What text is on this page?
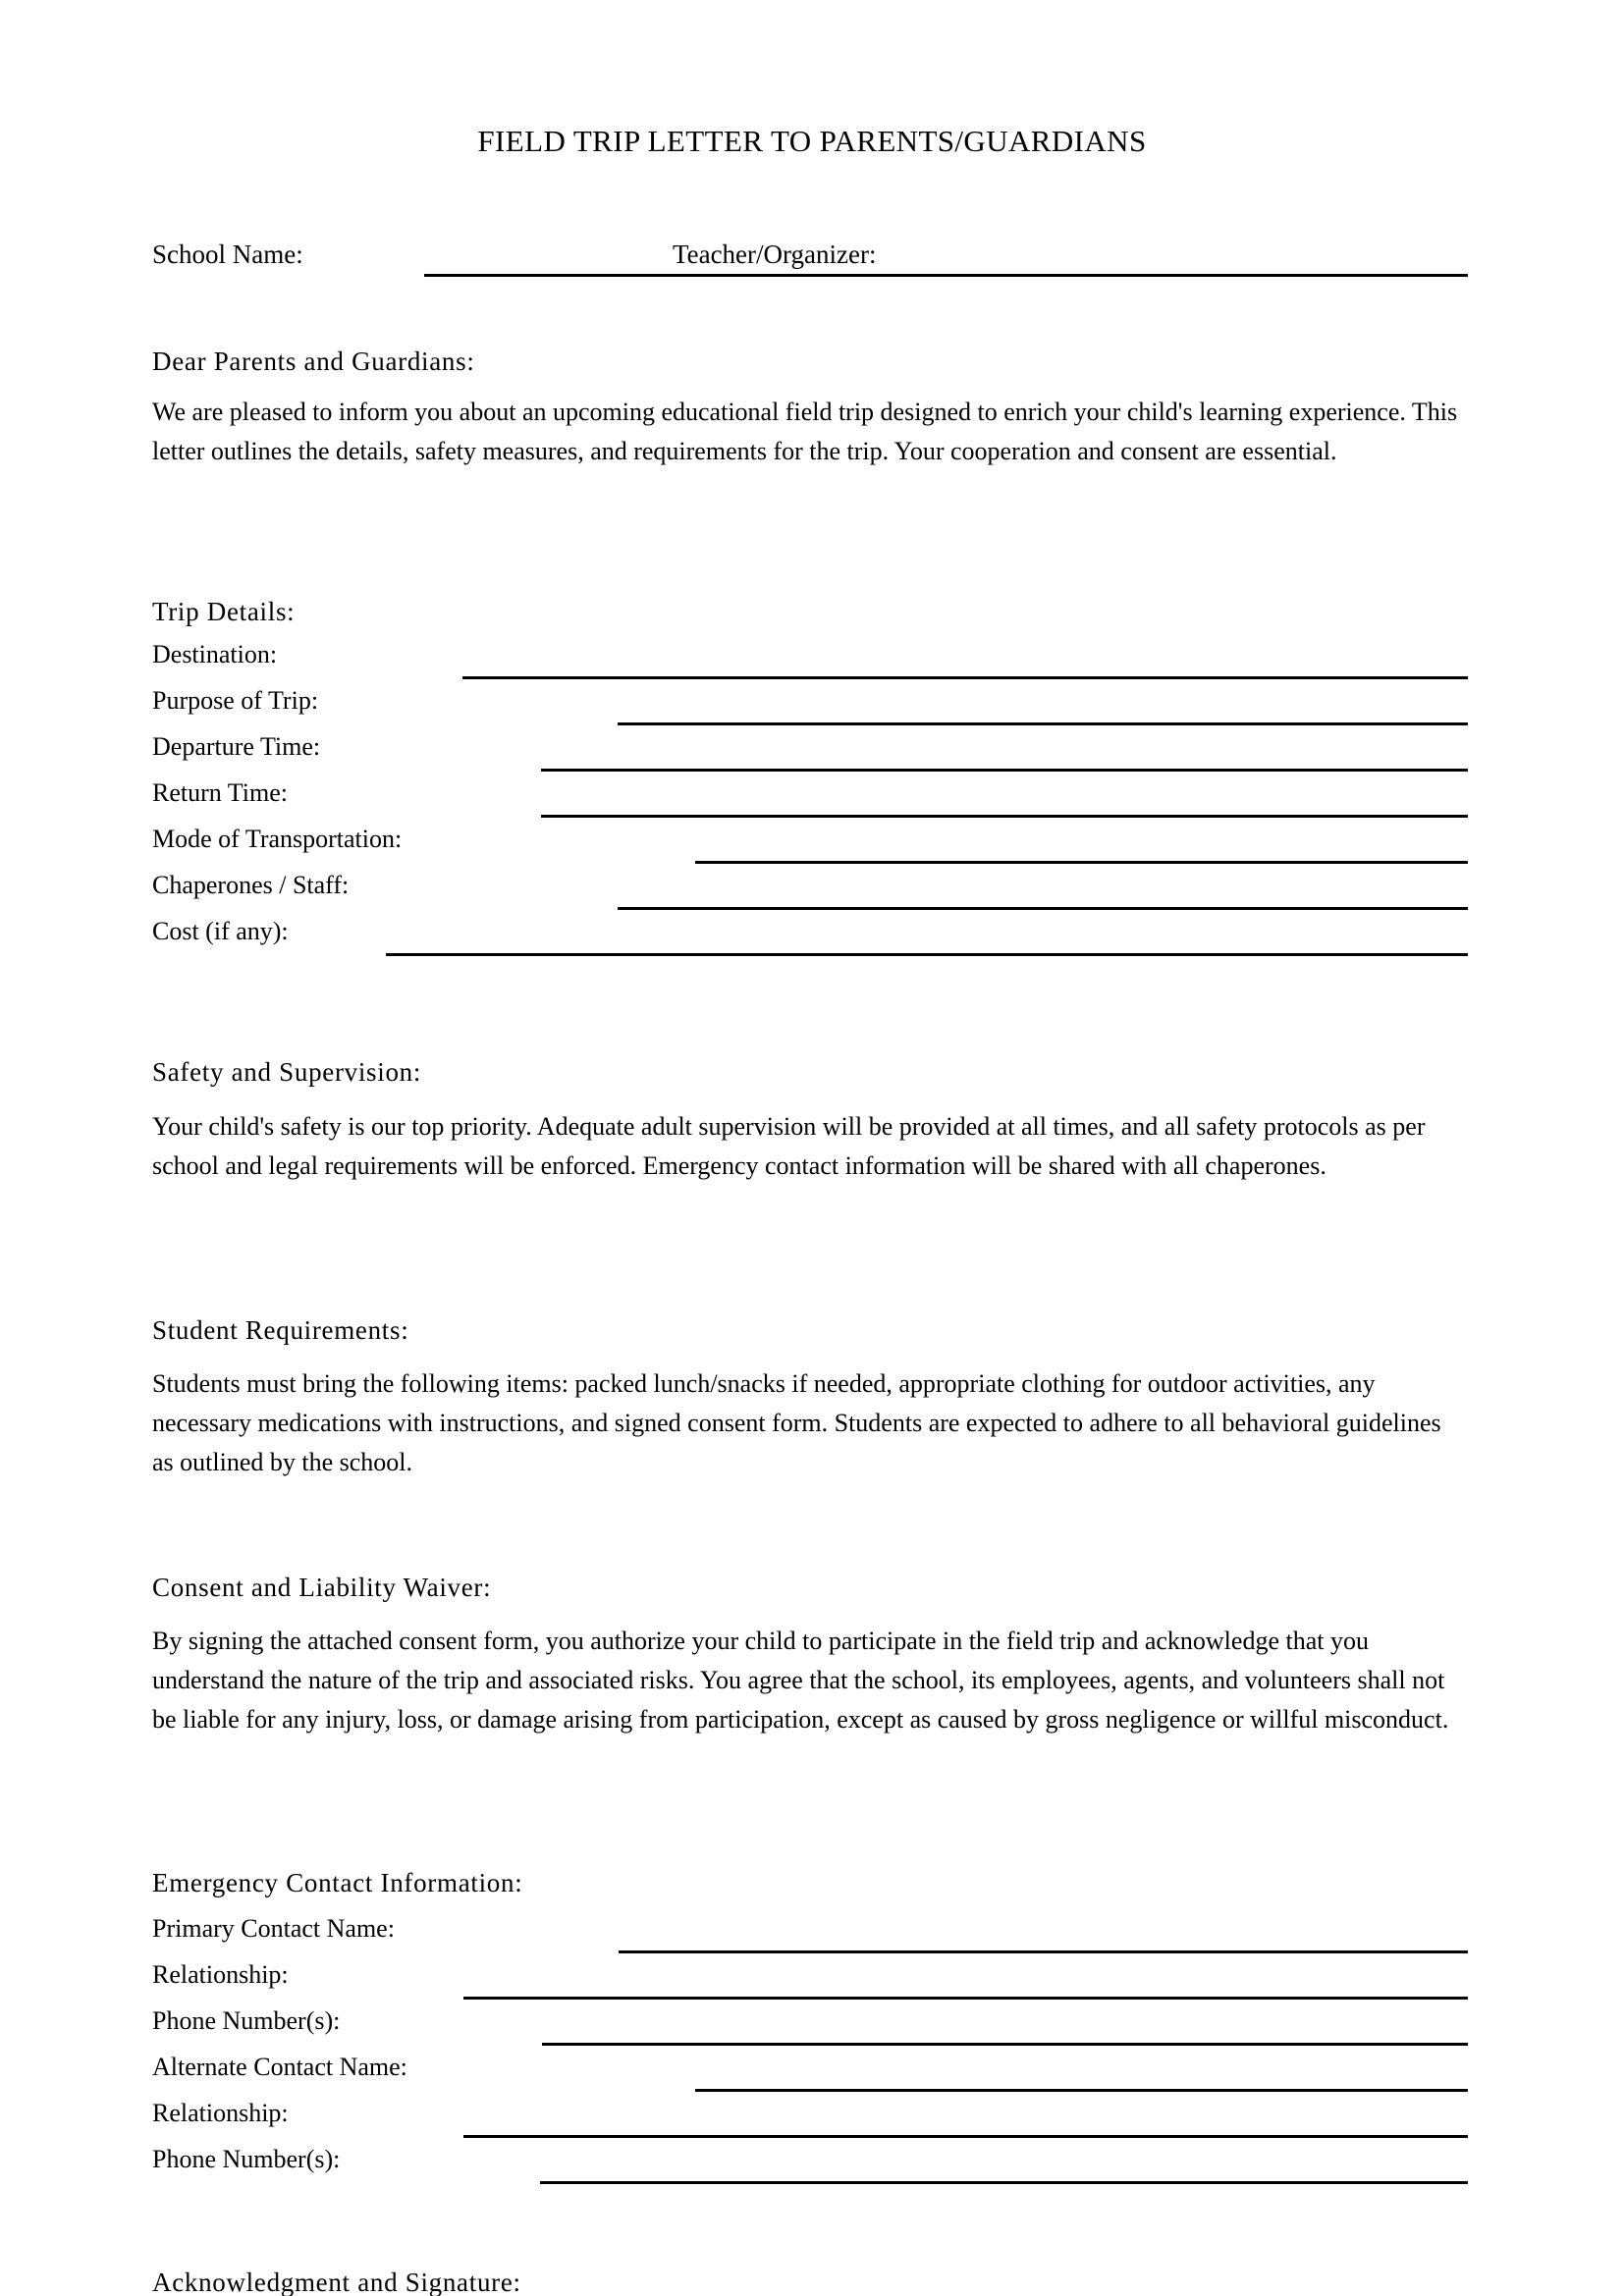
FIELD TRIP LETTER TO PARENTS/GUARDIANS
School Name:	Teacher/Organizer:

Dear Parents and Guardians:

We are pleased to inform you about an upcoming educational field trip designed to enrich your child's learning experience. This letter outlines the details, safety measures, and requirements for the trip. Your cooperation and consent are essential.

Trip Details:

Destination:
Purpose of Trip:
Departure Time:
Return Time:
Mode of Transportation:
Chaperones / Staff:
Cost (if any):

Safety and Supervision:

Your child's safety is our top priority. Adequate adult supervision will be provided at all times, and all safety protocols as per school and legal requirements will be enforced. Emergency contact information will be shared with all chaperones.

Student Requirements:

Students must bring the following items: packed lunch/snacks if needed, appropriate clothing for outdoor activities, any necessary medications with instructions, and signed consent form. Students are expected to adhere to all behavioral guidelines as outlined by the school.

Consent and Liability Waiver:

By signing the attached consent form, you authorize your child to participate in the field trip and acknowledge that you understand the nature of the trip and associated risks. You agree that the school, its employees, agents, and volunteers shall not be liable for any injury, loss, or damage arising from participation, except as caused by gross negligence or willful misconduct.

Emergency Contact Information:

Primary Contact Name:
Relationship:
Phone Number(s):
Alternate Contact Name:
Relationship:
Phone Number(s):
Acknowledgment and Signature:
